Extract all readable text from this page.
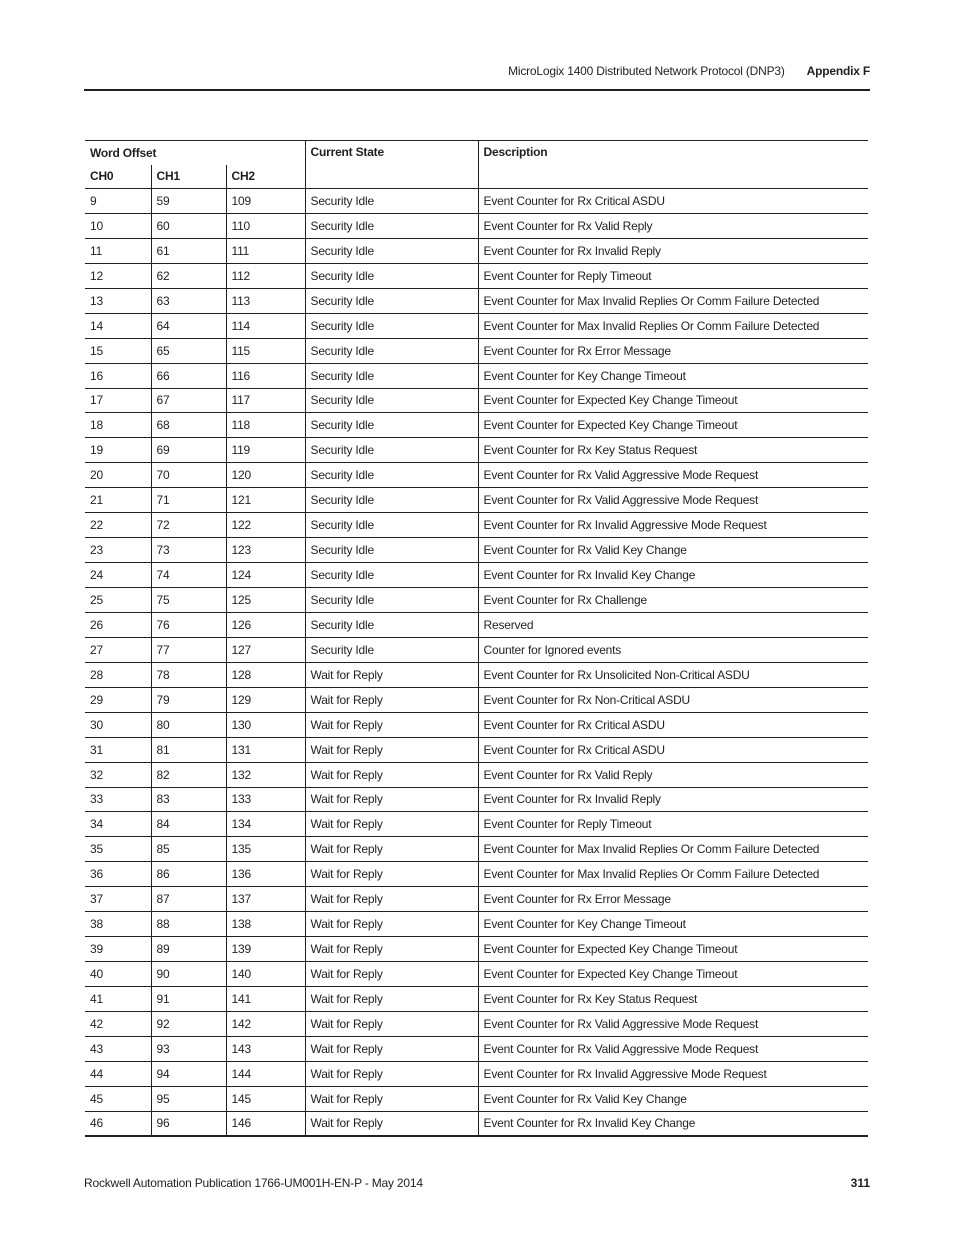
MicroLogix 1400 Distributed Network Protocol (DNP3) Appendix F
Word Offset			Current State	Description
CH0	CH1	CH2		
9	59	109	Security Idle	Event Counter for Rx Critical ASDU
10	60	110	Security Idle	Event Counter for Rx Valid Reply
11	61	111	Security Idle	Event Counter for Rx Invalid Reply
12	62	112	Security Idle	Event Counter for Reply Timeout
13	63	113	Security Idle	Event Counter for Max Invalid Replies Or Comm Failure Detected
14	64	114	Security Idle	Event Counter for Max Invalid Replies Or Comm Failure Detected
15	65	115	Security Idle	Event Counter for Rx Error Message
16	66	116	Security Idle	Event Counter for Key Change Timeout
17	67	117	Security Idle	Event Counter for Expected Key Change Timeout
18	68	118	Security Idle	Event Counter for Expected Key Change Timeout
19	69	119	Security Idle	Event Counter for Rx Key Status Request
20	70	120	Security Idle	Event Counter for Rx Valid Aggressive Mode Request
21	71	121	Security Idle	Event Counter for Rx Valid Aggressive Mode Request
22	72	122	Security Idle	Event Counter for Rx Invalid Aggressive Mode Request
23	73	123	Security Idle	Event Counter for Rx Valid Key Change
24	74	124	Security Idle	Event Counter for Rx Invalid Key Change
25	75	125	Security Idle	Event Counter for Rx Challenge
26	76	126	Security Idle	Reserved
27	77	127	Security Idle	Counter for Ignored events
28	78	128	Wait for Reply	Event Counter for Rx Unsolicited Non-Critical ASDU
29	79	129	Wait for Reply	Event Counter for Rx Non-Critical ASDU
30	80	130	Wait for Reply	Event Counter for Rx Critical ASDU
31	81	131	Wait for Reply	Event Counter for Rx Critical ASDU
32	82	132	Wait for Reply	Event Counter for Rx Valid Reply
33	83	133	Wait for Reply	Event Counter for Rx Invalid Reply
34	84	134	Wait for Reply	Event Counter for Reply Timeout
35	85	135	Wait for Reply	Event Counter for Max Invalid Replies Or Comm Failure Detected
36	86	136	Wait for Reply	Event Counter for Max Invalid Replies Or Comm Failure Detected
37	87	137	Wait for Reply	Event Counter for Rx Error Message
38	88	138	Wait for Reply	Event Counter for Key Change Timeout
39	89	139	Wait for Reply	Event Counter for Expected Key Change Timeout
40	90	140	Wait for Reply	Event Counter for Expected Key Change Timeout
41	91	141	Wait for Reply	Event Counter for Rx Key Status Request
42	92	142	Wait for Reply	Event Counter for Rx Valid Aggressive Mode Request
43	93	143	Wait for Reply	Event Counter for Rx Valid Aggressive Mode Request
44	94	144	Wait for Reply	Event Counter for Rx Invalid Aggressive Mode Request
45	95	145	Wait for Reply	Event Counter for Rx Valid Key Change
46	96	146	Wait for Reply	Event Counter for Rx Invalid Key Change
Rockwell Automation Publication 1766-UM001H-EN-P - May 2014	311
